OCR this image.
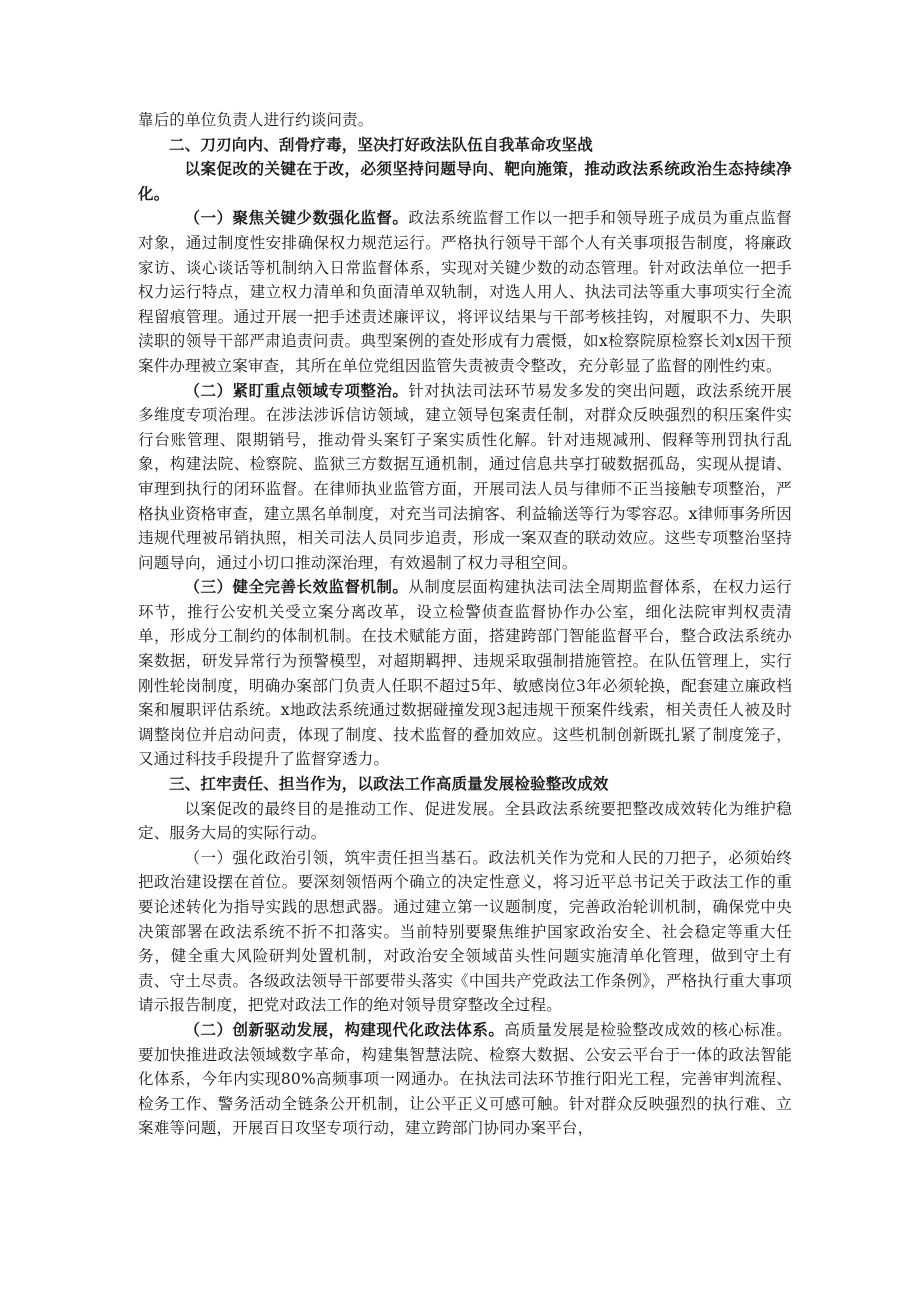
靠后的单位负责人进行约谈问责。

二、刀刃向内、刮骨疗毒，坚决打好政法队伍自我革命攻坚战

以案促改的关键在于改，必须坚持问题导向、靶向施策，推动政法系统政治生态持续净化。

（一）聚焦关键少数强化监督。政法系统监督工作以一把手和领导班子成员为重点监督对象，通过制度性安排确保权力规范运行。严格执行领导干部个人有关事项报告制度，将廉政家访、谈心谈话等机制纳入日常监督体系，实现对关键少数的动态管理。针对政法单位一把手权力运行特点，建立权力清单和负面清单双轨制，对选人用人、执法司法等重大事项实行全流程留痕管理。通过开展一把手述责述廉评议，将评议结果与干部考核挂钩，对履职不力、失职渎职的领导干部严肃追责问责。典型案例的查处形成有力震慑，如x检察院原检察长刘x因干预案件办理被立案审查，其所在单位党组因监管失责被责令整改，充分彰显了监督的刚性约束。

（二）紧盯重点领域专项整治。针对执法司法环节易发多发的突出问题，政法系统开展多维度专项治理。在涉法涉诉信访领域，建立领导包案责任制，对群众反映强烈的积压案件实行台账管理、限期销号，推动骨头案钉子案实质性化解。针对违规减刑、假释等刑罚执行乱象，构建法院、检察院、监狱三方数据互通机制，通过信息共享打破数据孤岛，实现从提请、审理到执行的闭环监督。在律师执业监管方面，开展司法人员与律师不正当接触专项整治，严格执业资格审查，建立黑名单制度，对充当司法掮客、利益输送等行为零容忍。x律师事务所因违规代理被吊销执照，相关司法人员同步追责，形成一案双查的联动效应。这些专项整治坚持问题导向，通过小切口推动深治理，有效遏制了权力寻租空间。

（三）健全完善长效监督机制。从制度层面构建执法司法全周期监督体系，在权力运行环节，推行公安机关受立案分离改革，设立检警侦查监督协作办公室，细化法院审判权责清单，形成分工制约的体制机制。在技术赋能方面，搭建跨部门智能监督平台，整合政法系统办案数据，研发异常行为预警模型，对超期羁押、违规采取强制措施管控。在队伍管理上，实行刚性轮岗制度，明确办案部门负责人任职不超过5年、敏感岗位3年必须轮换，配套建立廉政档案和履职评估系统。x地政法系统通过数据碰撞发现3起违规干预案件线索，相关责任人被及时调整岗位并启动问责，体现了制度、技术监督的叠加效应。这些机制创新既扎紧了制度笼子，又通过科技手段提升了监督穿透力。

三、扛牢责任、担当作为，以政法工作高质量发展检验整改成效

以案促改的最终目的是推动工作、促进发展。全县政法系统要把整改成效转化为维护稳定、服务大局的实际行动。

（一）强化政治引领，筑牢责任担当基石。政法机关作为党和人民的刀把子，必须始终把政治建设摆在首位。要深刻领悟两个确立的决定性意义，将习近平总书记关于政法工作的重要论述转化为指导实践的思想武器。通过建立第一议题制度，完善政治轮训机制，确保党中央决策部署在政法系统不折不扣落实。当前特别要聚焦维护国家政治安全、社会稳定等重大任务，健全重大风险研判处置机制，对政治安全领域苗头性问题实施清单化管理，做到守土有责、守土尽责。各级政法领导干部要带头落实《中国共产党政法工作条例》，严格执行重大事项请示报告制度，把党对政法工作的绝对领导贯穿整改全过程。

（二）创新驱动发展，构建现代化政法体系。高质量发展是检验整改成效的核心标准。要加快推进政法领域数字革命，构建集智慧法院、检察大数据、公安云平台于一体的政法智能化体系，今年内实现80%高频事项一网通办。在执法司法环节推行阳光工程，完善审判流程、检务工作、警务活动全链条公开机制，让公平正义可感可触。针对群众反映强烈的执行难、立案难等问题，开展百日攻坚专项行动，建立跨部门协同办案平台，
